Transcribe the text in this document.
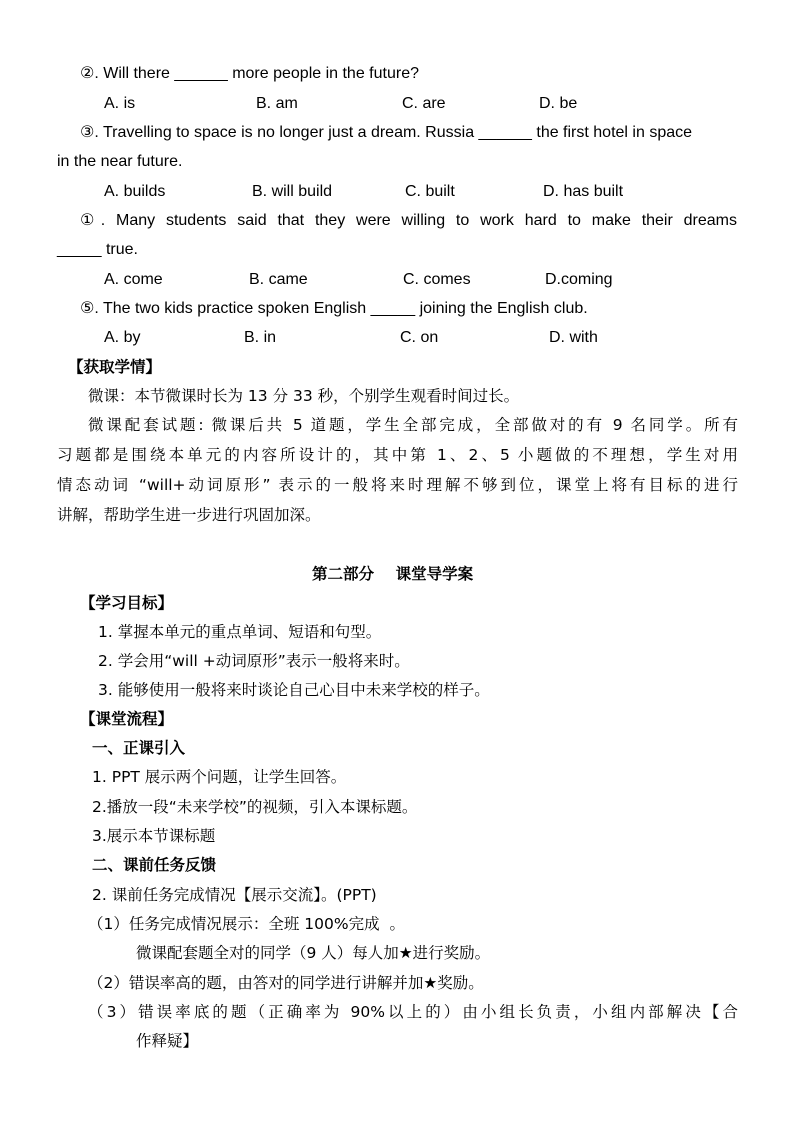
②. Will there ______ more people in the future?
A. is	B. am	C. are	D. be
③. Travelling to space is no longer just a dream. Russia ______ the first hotel in space
in the near future.
A. builds	B. will build	C. built	D. has built
①. Many students said that they were willing to work hard to make their dreams
_____ true.
A. come	B. came	C. comes	D.coming
⑤. The two kids practice spoken English _____ joining the English club.
A. by	B. in	C. on	D. with
【获取学情】
微课：本节微课时长为 13 分 33 秒，个别学生观看时间过长。
微课配套试题: 微课后共 5 道题，学生全部完成，全部做对的有 9 名同学。所有
习题都是围绕本单元的内容所设计的，其中第 1、2、5 小题做的不理想，学生对用
情态动词 “will+动词原形” 表示的一般将来时理解不够到位，课堂上将有目标的进行
讲解，帮助学生进一步进行巩固加深。
第二部分    课堂导学案
【学习目标】
1. 掌握本单元的重点单词、短语和句型。
2. 学会用“will +动词原形”表示一般将来时。
3. 能够使用一般将来时谈论自己心目中未来学校的样子。
【课堂流程】
一、正课引入
1. PPT 展示两个问题，让学生回答。
2.播放一段“未来学校”的视频，引入本课标题。
3.展示本节课标题
二、课前任务反馈
2. 课前任务完成情况【展示交流】。(PPT)
（1）任务完成情况展示：全班 100%完成  。
微课配套题全对的同学（9 人）每人加★进行奖励。
（2）错误率高的题，由答对的同学进行讲解并加★奖励。
（3）错误率底的题（正确率为 90%以上的）由小组长负责，小组内部解决【合
作释疑】
